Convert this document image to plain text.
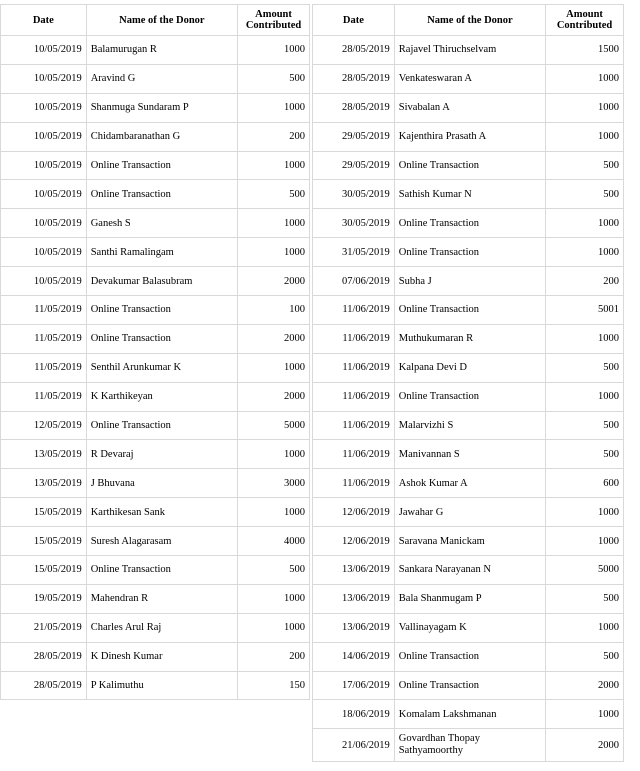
Date	Name of the Donor	Amount
Contributed
10/05/2019	Balamurugan R	1000
10/05/2019	Aravind G	500
10/05/2019	Shanmuga Sundaram P	1000
10/05/2019	Chidambaranathan G	200
10/05/2019	Online Transaction	1000
10/05/2019	Online Transaction	500
10/05/2019	Ganesh S	1000
10/05/2019	Santhi Ramalingam	1000
10/05/2019	Devakumar Balasubram	2000
11/05/2019	Online Transaction	100
11/05/2019	Online Transaction	2000
11/05/2019	Senthil Arunkumar K	1000
11/05/2019	K Karthikeyan	2000
12/05/2019	Online Transaction	5000
13/05/2019	R Devaraj	1000
13/05/2019	J Bhuvana	3000
15/05/2019	Karthikesan Sank	1000
15/05/2019	Suresh Alagarasam	4000
15/05/2019	Online Transaction	500
19/05/2019	Mahendran R	1000
21/05/2019	Charles Arul Raj	1000
28/05/2019	K Dinesh Kumar	200
28/05/2019	P Kalimuthu	150
Date	Name of the Donor	Amount
Contributed
28/05/2019	Rajavel Thiruchselvam	1500
28/05/2019	Venkateswaran A	1000
28/05/2019	Sivabalan A	1000
29/05/2019	Kajenthira Prasath A	1000
29/05/2019	Online Transaction	500
30/05/2019	Sathish Kumar N	500
30/05/2019	Online Transaction	1000
31/05/2019	Online Transaction	1000
07/06/2019	Subha J	200
11/06/2019	Online Transaction	5001
11/06/2019	Muthukumaran R	1000
11/06/2019	Kalpana Devi D	500
11/06/2019	Online Transaction	1000
11/06/2019	Malarvizhi S	500
11/06/2019	Manivannan S	500
11/06/2019	Ashok Kumar A	600
12/06/2019	Jawahar G	1000
12/06/2019	Saravana Manickam	1000
13/06/2019	Sankara Narayanan N	5000
13/06/2019	Bala Shanmugam P	500
13/06/2019	Vallinayagam K	1000
14/06/2019	Online Transaction	500
17/06/2019	Online Transaction	2000
18/06/2019	Komalam Lakshmanan	1000
21/06/2019	Govardhan Thopay
Sathyamoorthy	2000
